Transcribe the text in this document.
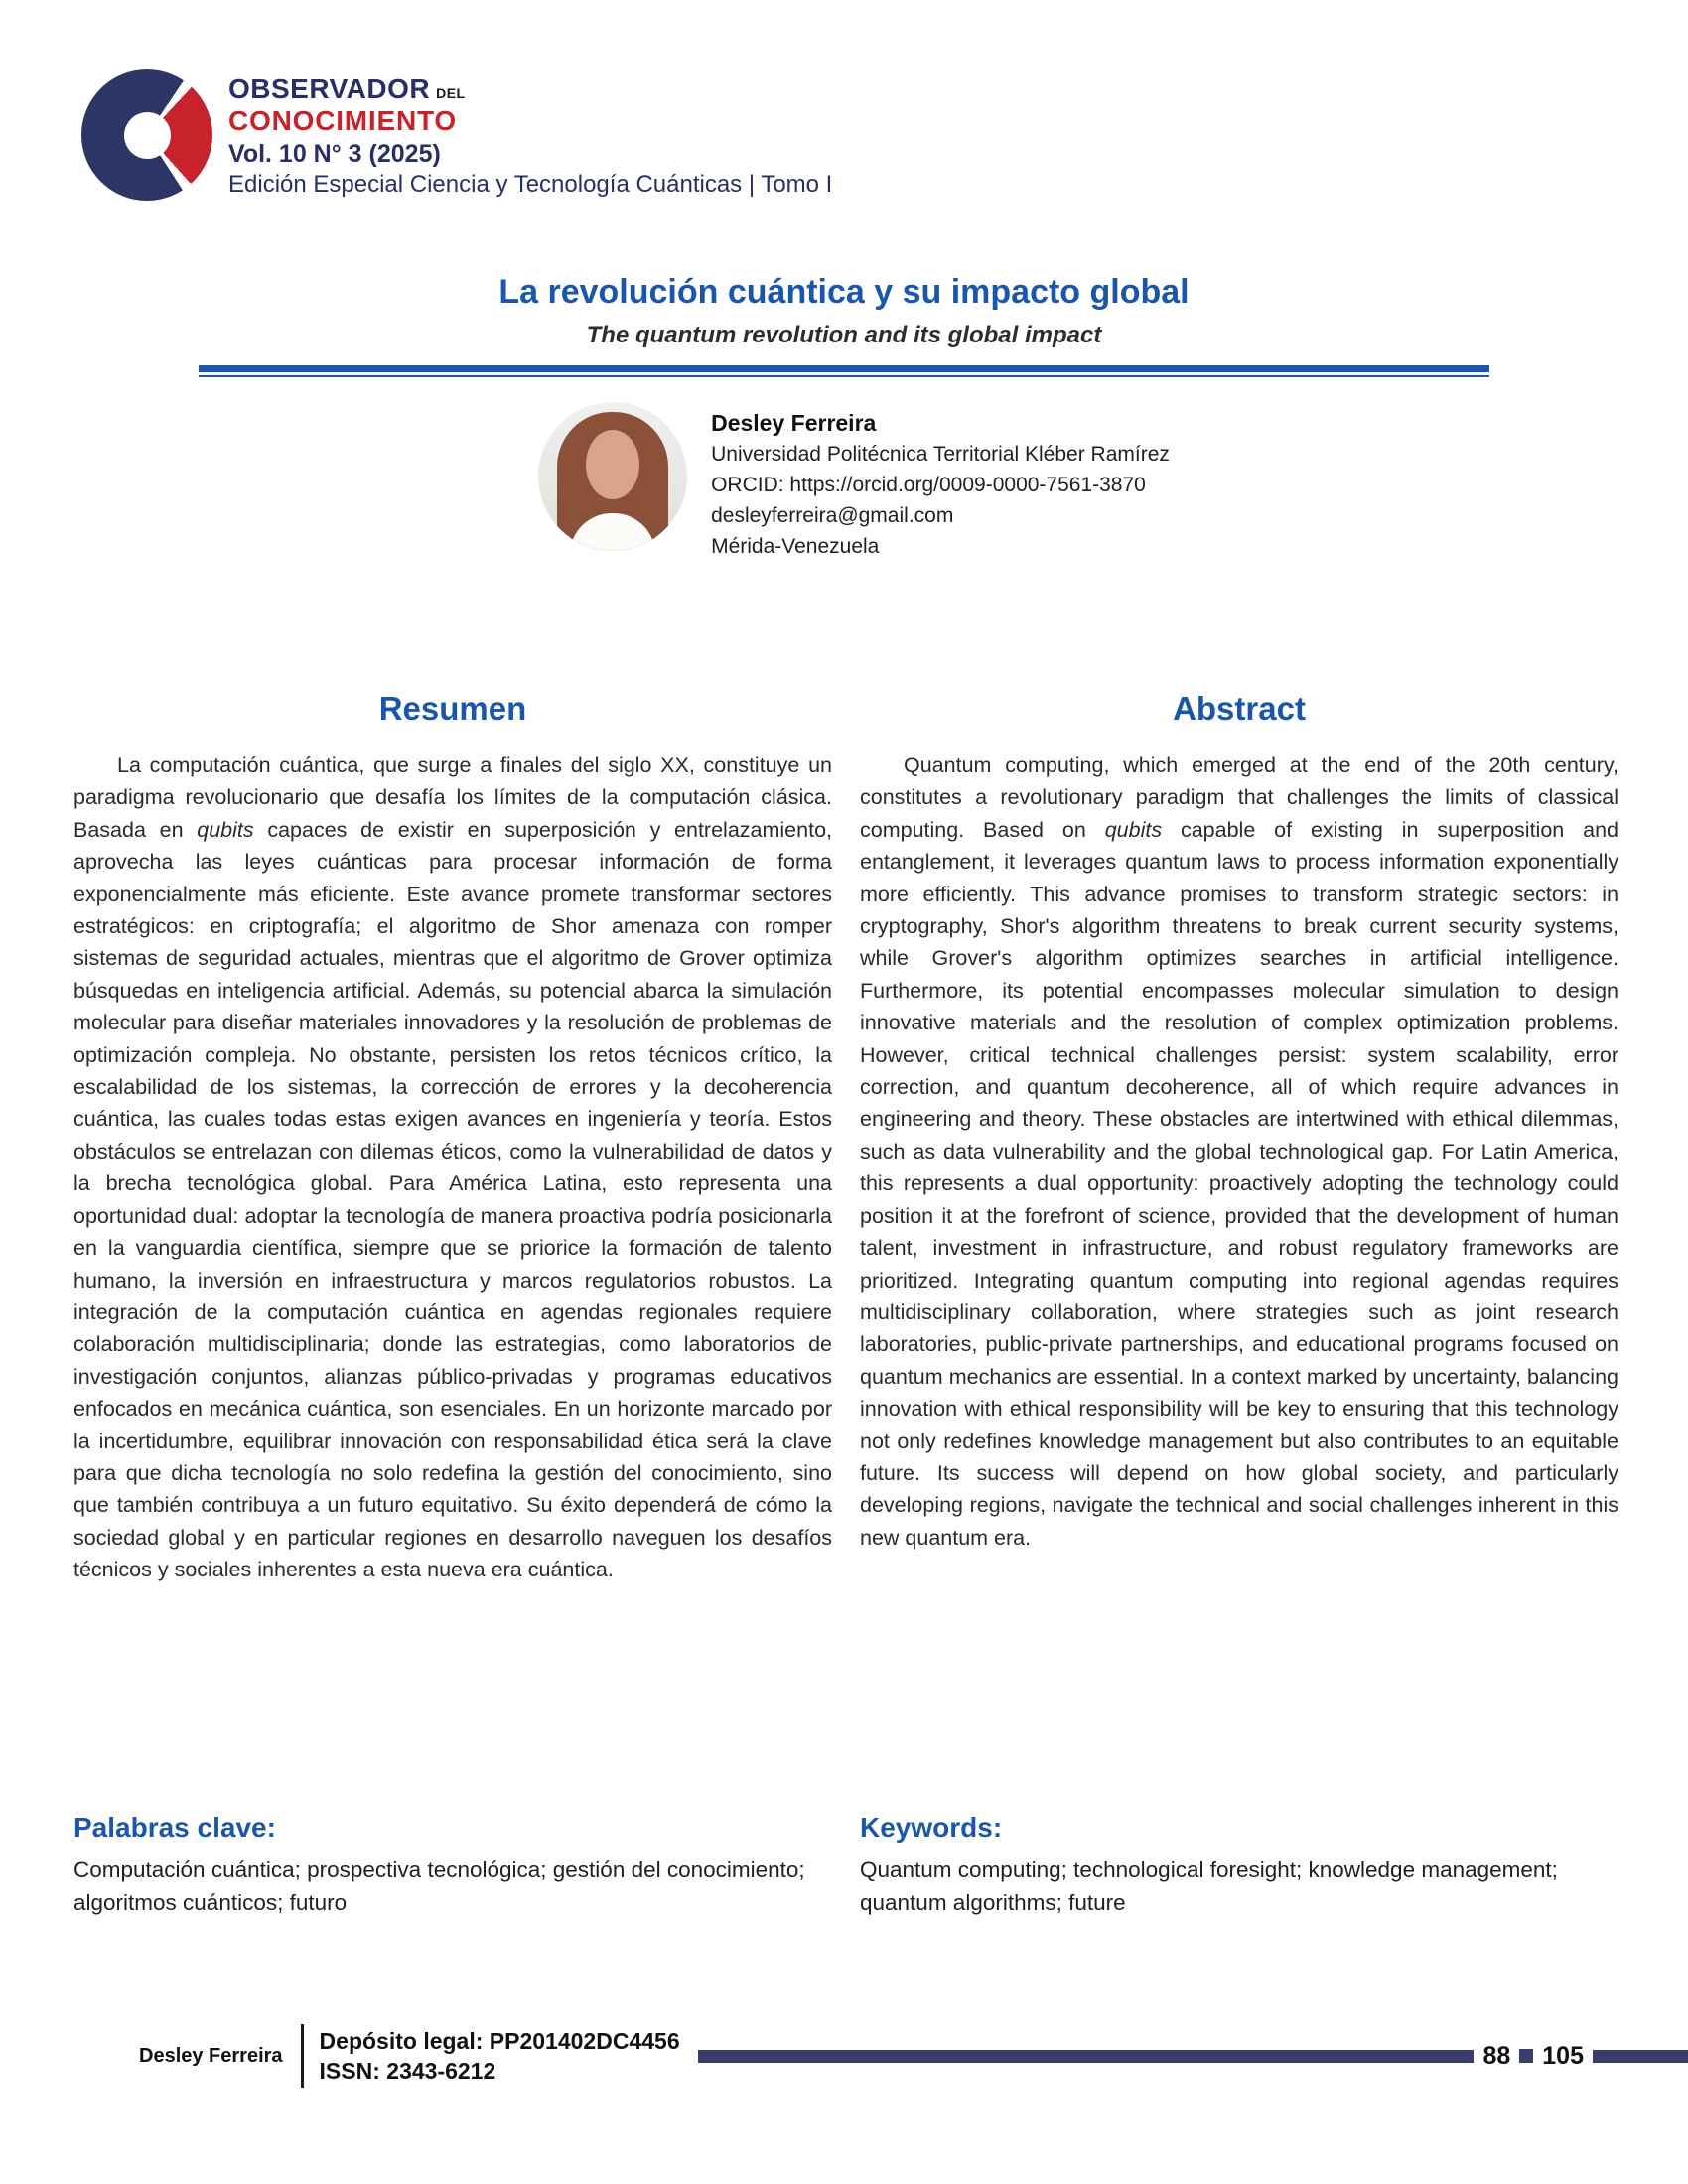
OBSERVADOR DEL
CONOCIMIENTO
Vol. 10 N° 3 (2025)
Edición Especial Ciencia y Tecnología Cuánticas | Tomo I
La revolución cuántica y su impacto global
The quantum revolution and its global impact
Desley Ferreira
Universidad Politécnica Territorial Kléber Ramírez
ORCID: https://orcid.org/0009-0000-7561-3870
desleyferreira@gmail.com
Mérida-Venezuela
Resumen

La computación cuántica, que surge a finales del siglo XX, constituye un paradigma revolucionario que desafía los límites de la computación clásica. Basada en qubits capaces de existir en superposición y entrelazamiento, aprovecha las leyes cuánticas para procesar información de forma exponencialmente más eficiente. Este avance promete transformar sectores estratégicos: en criptografía; el algoritmo de Shor amenaza con romper sistemas de seguridad actuales, mientras que el algoritmo de Grover optimiza búsquedas en inteligencia artificial. Además, su potencial abarca la simulación molecular para diseñar materiales innovadores y la resolución de problemas de optimización compleja. No obstante, persisten los retos técnicos crítico, la escalabilidad de los sistemas, la corrección de errores y la decoherencia cuántica, las cuales todas estas exigen avances en ingeniería y teoría. Estos obstáculos se entrelazan con dilemas éticos, como la vulnerabilidad de datos y la brecha tecnológica global. Para América Latina, esto representa una oportunidad dual: adoptar la tecnología de manera proactiva podría posicionarla en la vanguardia científica, siempre que se priorice la formación de talento humano, la inversión en infraestructura y marcos regulatorios robustos. La integración de la computación cuántica en agendas regionales requiere colaboración multidisciplinaria; donde las estrategias, como laboratorios de investigación conjuntos, alianzas público-privadas y programas educativos enfocados en mecánica cuántica, son esenciales. En un horizonte marcado por la incertidumbre, equilibrar innovación con responsabilidad ética será la clave para que dicha tecnología no solo redefina la gestión del conocimiento, sino que también contribuya a un futuro equitativo. Su éxito dependerá de cómo la sociedad global y en particular regiones en desarrollo naveguen los desafíos técnicos y sociales inherentes a esta nueva era cuántica.

Abstract

Quantum computing, which emerged at the end of the 20th century, constitutes a revolutionary paradigm that challenges the limits of classical computing. Based on qubits capable of existing in superposition and entanglement, it leverages quantum laws to process information exponentially more efficiently. This advance promises to transform strategic sectors: in cryptography, Shor's algorithm threatens to break current security systems, while Grover's algorithm optimizes searches in artificial intelligence. Furthermore, its potential encompasses molecular simulation to design innovative materials and the resolution of complex optimization problems. However, critical technical challenges persist: system scalability, error correction, and quantum decoherence, all of which require advances in engineering and theory. These obstacles are intertwined with ethical dilemmas, such as data vulnerability and the global technological gap. For Latin America, this represents a dual opportunity: proactively adopting the technology could position it at the forefront of science, provided that the development of human talent, investment in infrastructure, and robust regulatory frameworks are prioritized. Integrating quantum computing into regional agendas requires multidisciplinary collaboration, where strategies such as joint research laboratories, public-private partnerships, and educational programs focused on quantum mechanics are essential. In a context marked by uncertainty, balancing innovation with ethical responsibility will be key to ensuring that this technology not only redefines knowledge management but also contributes to an equitable future. Its success will depend on how global society, and particularly developing regions, navigate the technical and social challenges inherent in this new quantum era.

Palabras clave:

Computación cuántica; prospectiva tecnológica; gestión del conocimiento; algoritmos cuánticos; futuro

Keywords:

Quantum computing; technological foresight; knowledge management; quantum algorithms; future

Desley Ferreira
Depósito legal: PP201402DC4456
ISSN: 2343-6212
88 105
